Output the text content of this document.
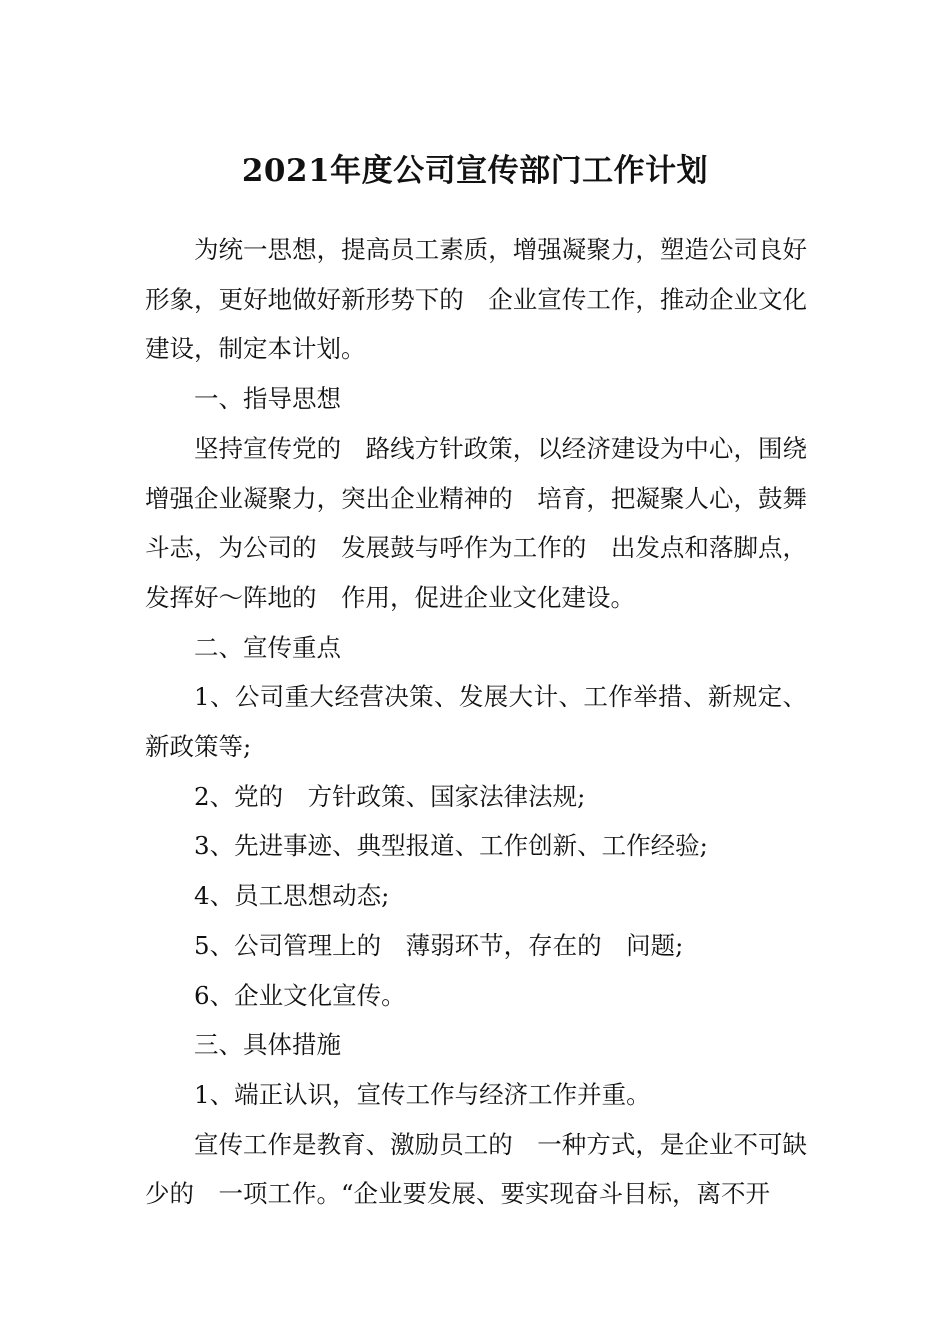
2021年度公司宣传部门工作计划

为统一思想，提高员工素质，增强凝聚力，塑造公司良好形象，更好地做好新形势下的　企业宣传工作，推动企业文化建设，制定本计划。

一、指导思想

坚持宣传党的　路线方针政策，以经济建设为中心，围绕增强企业凝聚力，突出企业精神的　培育，把凝聚人心，鼓舞斗志，为公司的　发展鼓与呼作为工作的　出发点和落脚点，发挥好～阵地的　作用，促进企业文化建设。

二、宣传重点

1、公司重大经营决策、发展大计、工作举措、新规定、新政策等;

2、党的　方针政策、国家法律法规;

3、先进事迹、典型报道、工作创新、工作经验;

4、员工思想动态;

5、公司管理上的　薄弱环节，存在的　问题;

6、企业文化宣传。

三、具体措施

1、端正认识，宣传工作与经济工作并重。

宣传工作是教育、激励员工的　一种方式，是企业不可缺少的　一项工作。“企业要发展、要实现奋斗目标，离不开
